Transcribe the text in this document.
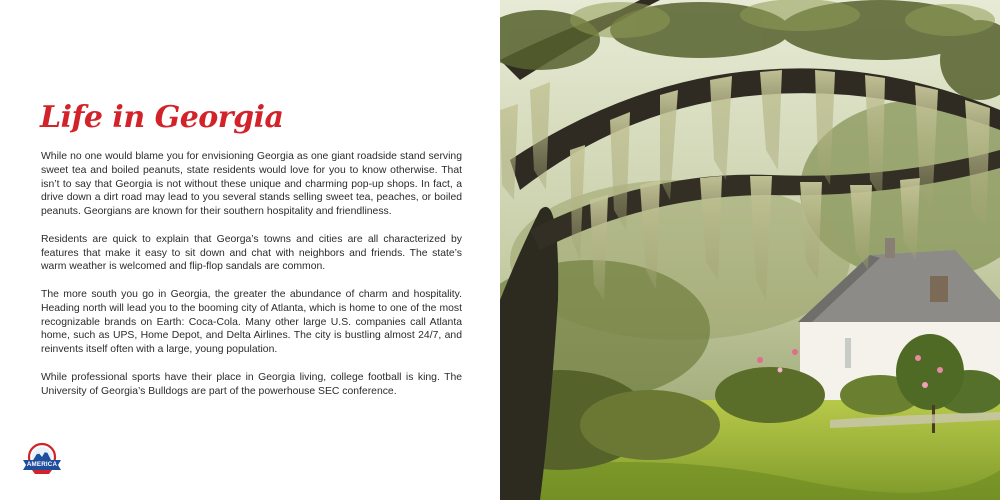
Life in Georgia

While no one would blame you for envisioning Georgia as one giant roadside stand serving sweet tea and boiled peanuts, state residents would love for you to know otherwise. That isn’t to say that Georgia is not without these unique and charming pop-up shops. In fact, a drive down a dirt road may lead to you several stands selling sweet tea, peaches, or boiled peanuts. Georgians are known for their southern hospitality and friendliness.

Residents are quick to explain that Georga’s towns and cities are all characterized by features that make it easy to sit down and chat with neighbors and friends. The state’s warm weather is welcomed and flip-flop sandals are common.

The more south you go in Georgia, the greater the abundance of charm and hospitality. Heading north will lead you to the booming city of Atlanta, which is home to one of the most recognizable brands on Earth: Coca-Cola. Many other large U.S. companies call Atlanta home, such as UPS, Home Depot, and Delta Airlines. The city is bustling almost 24/7, and reinvents itself often with a large, young population.

While professional sports have their place in Georgia living, college football is king. The University of Georgia’s Bulldogs are part of the powerhouse SEC conference.

AMERICA
